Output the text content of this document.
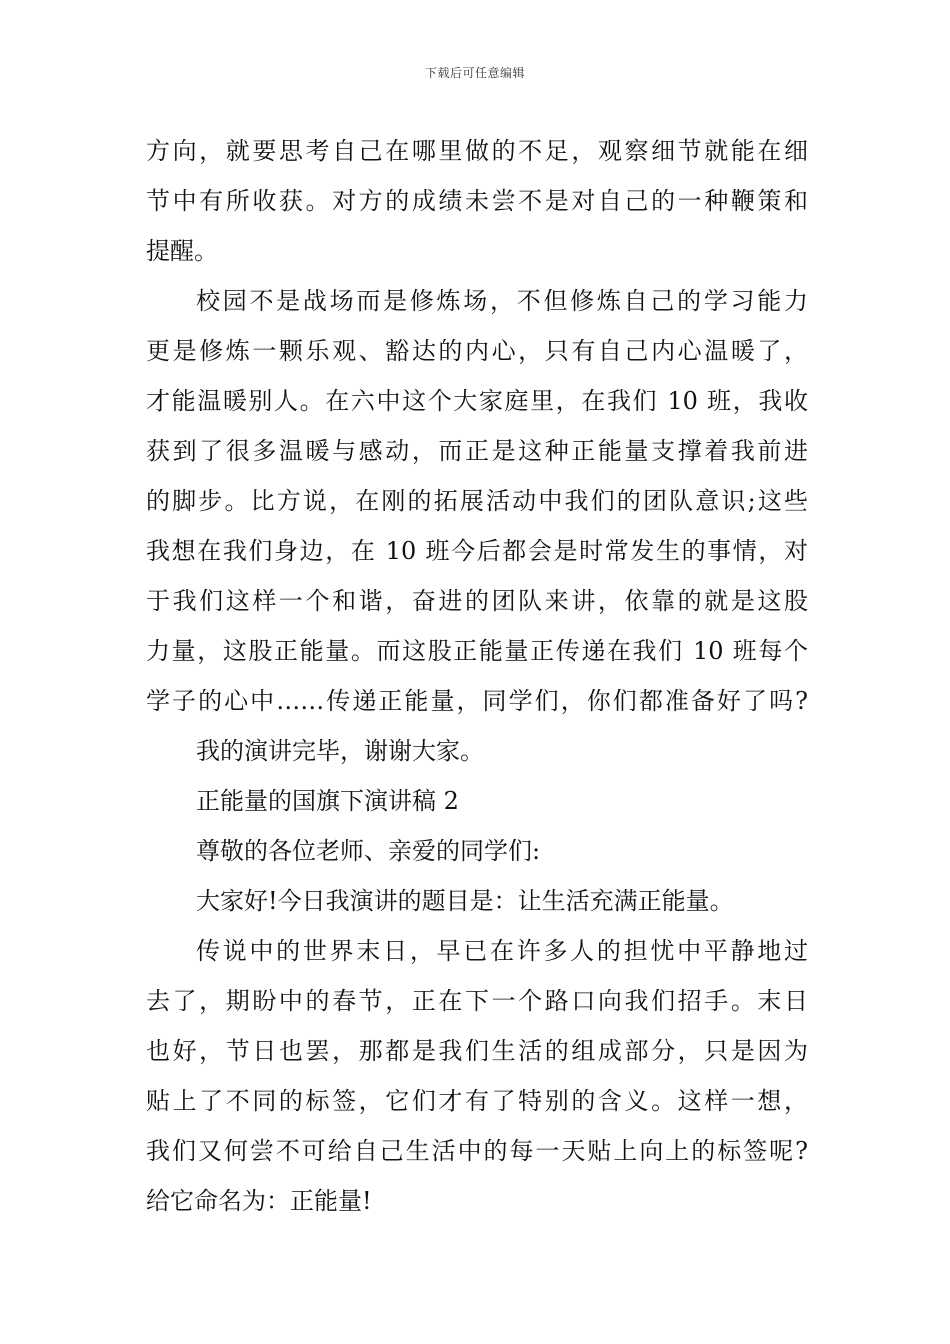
下载后可任意编辑
方向，就要思考自己在哪里做的不足，观察细节就能在细
节中有所收获。对方的成绩未尝不是对自己的一种鞭策和
提醒。
校园不是战场而是修炼场，不但修炼自己的学习能力
更是修炼一颗乐观、豁达的内心，只有自己内心温暖了，
才能温暖别人。在六中这个大家庭里，在我们 10 班，我收
获到了很多温暖与感动，而正是这种正能量支撑着我前进
的脚步。比方说，在刚的拓展活动中我们的团队意识;这些
我想在我们身边，在 10 班今后都会是时常发生的事情，对
于我们这样一个和谐，奋进的团队来讲，依靠的就是这股
力量，这股正能量。而这股正能量正传递在我们 10 班每个
学子的心中……传递正能量，同学们，你们都准备好了吗?
我的演讲完毕，谢谢大家。
正能量的国旗下演讲稿 2
尊敬的各位老师、亲爱的同学们:
大家好!今日我演讲的题目是：让生活充满正能量。
传说中的世界末日，早已在许多人的担忧中平静地过
去了，期盼中的春节，正在下一个路口向我们招手。末日
也好，节日也罢，那都是我们生活的组成部分，只是因为
贴上了不同的标签，它们才有了特别的含义。这样一想，
我们又何尝不可给自己生活中的每一天贴上向上的标签呢?
给它命名为：正能量!
